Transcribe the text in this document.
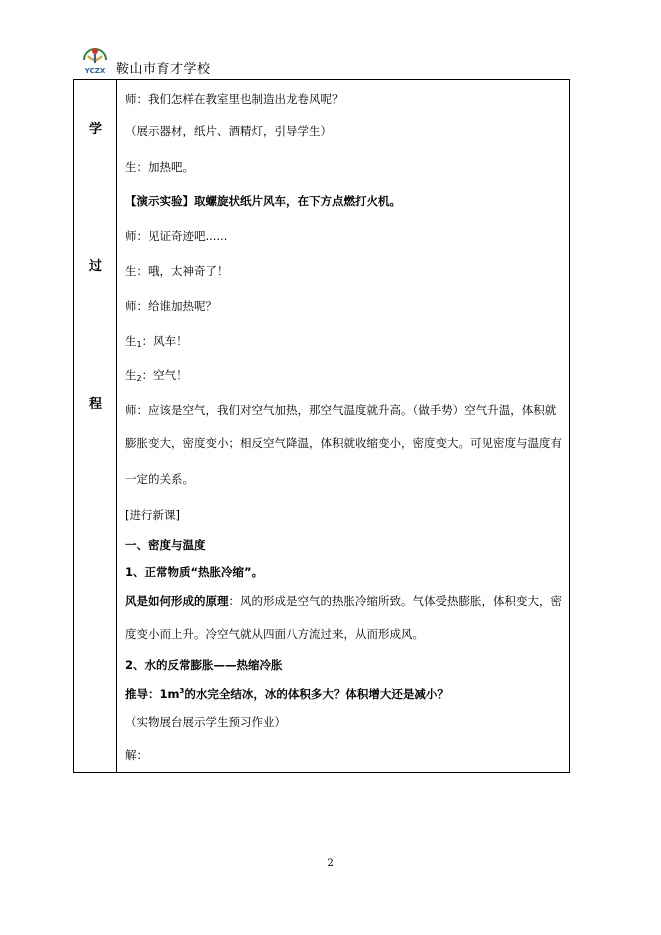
YCZX 鞍山市育才学校
学
过
程
师：我们怎样在教室里也制造出龙卷风呢？
（展示器材，纸片、酒精灯，引导学生）
生：加热吧。
【演示实验】取螺旋状纸片风车，在下方点燃打火机。
师：见证奇迹吧......
生：哦，太神奇了！
师：给谁加热呢？
生$_1$：风车！
生$_2$：空气！
师：应该是空气，我们对空气加热，那空气温度就升高。（做手势）空气升温，体积就
膨胀变大，密度变小；相反空气降温，体积就收缩变小，密度变大。可见密度与温度有
一定的关系。
[进行新课]
一、密度与温度
1、正常物质“热胀冷缩”。
风是如何形成的原理：风的形成是空气的热胀冷缩所致。气体受热膨胀，体积变大，密
度变小而上升。冷空气就从四面八方流过来，从而形成风。
2、水的反常膨胀——热缩冷胀
推导：$1m^3$的水完全结冰，冰的体积多大？体积增大还是减小？
（实物展台展示学生预习作业）
解：
2
